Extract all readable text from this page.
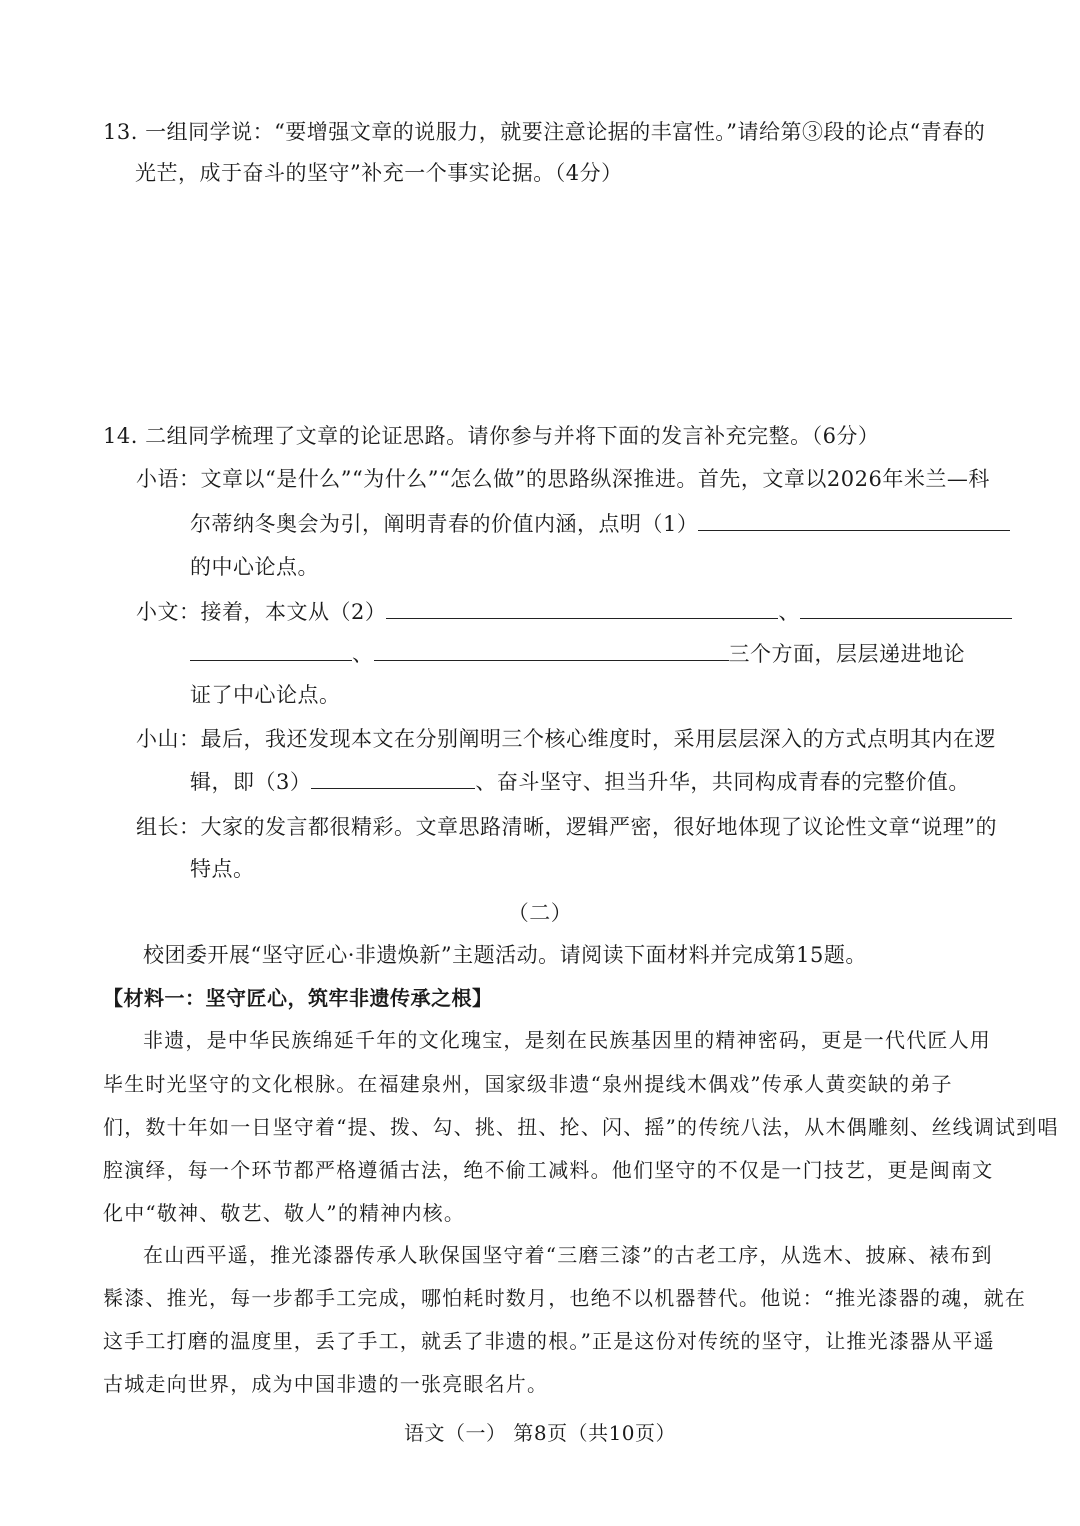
13. 一组同学说：“要增强文章的说服力，就要注意论据的丰富性。”请给第③段的论点“青春的
光芒，成于奋斗的坚守”补充一个事实论据。（4分）
14. 二组同学梳理了文章的论证思路。请你参与并将下面的发言补充完整。（6分）
小语：文章以“是什么”“为什么”“怎么做”的思路纵深推进。首先，文章以2026年米兰—科
尔蒂纳冬奥会为引，阐明青春的价值内涵，点明（1）
的中心论点。
小文：接着，本文从（2）	、
、	三个方面，层层递进地论
证了中心论点。
小山：最后，我还发现本文在分别阐明三个核心维度时，采用层层深入的方式点明其内在逻
辑，即（3）	、奋斗坚守、担当升华，共同构成青春的完整价值。
组长：大家的发言都很精彩。文章思路清晰，逻辑严密，很好地体现了议论性文章“说理”的
特点。
（二）
校团委开展“坚守匠心·非遗焕新”主题活动。请阅读下面材料并完成第15题。
【材料一：坚守匠心，筑牢非遗传承之根】
非遗，是中华民族绵延千年的文化瑰宝，是刻在民族基因里的精神密码，更是一代代匠人用
毕生时光坚守的文化根脉。在福建泉州，国家级非遗“泉州提线木偶戏”传承人黄奕缺的弟子
们，数十年如一日坚守着“提、拨、勾、挑、扭、抡、闪、摇”的传统八法，从木偶雕刻、丝线调试到唱
腔演绎，每一个环节都严格遵循古法，绝不偷工减料。他们坚守的不仅是一门技艺，更是闽南文
化中“敬神、敬艺、敬人”的精神内核。
在山西平遥，推光漆器传承人耿保国坚守着“三磨三漆”的古老工序，从选木、披麻、裱布到
髹漆、推光，每一步都手工完成，哪怕耗时数月，也绝不以机器替代。他说：“推光漆器的魂，就在
这手工打磨的温度里，丢了手工，就丢了非遗的根。”正是这份对传统的坚守，让推光漆器从平遥
古城走向世界，成为中国非遗的一张亮眼名片。
语文（一） 第8页（共10页）
